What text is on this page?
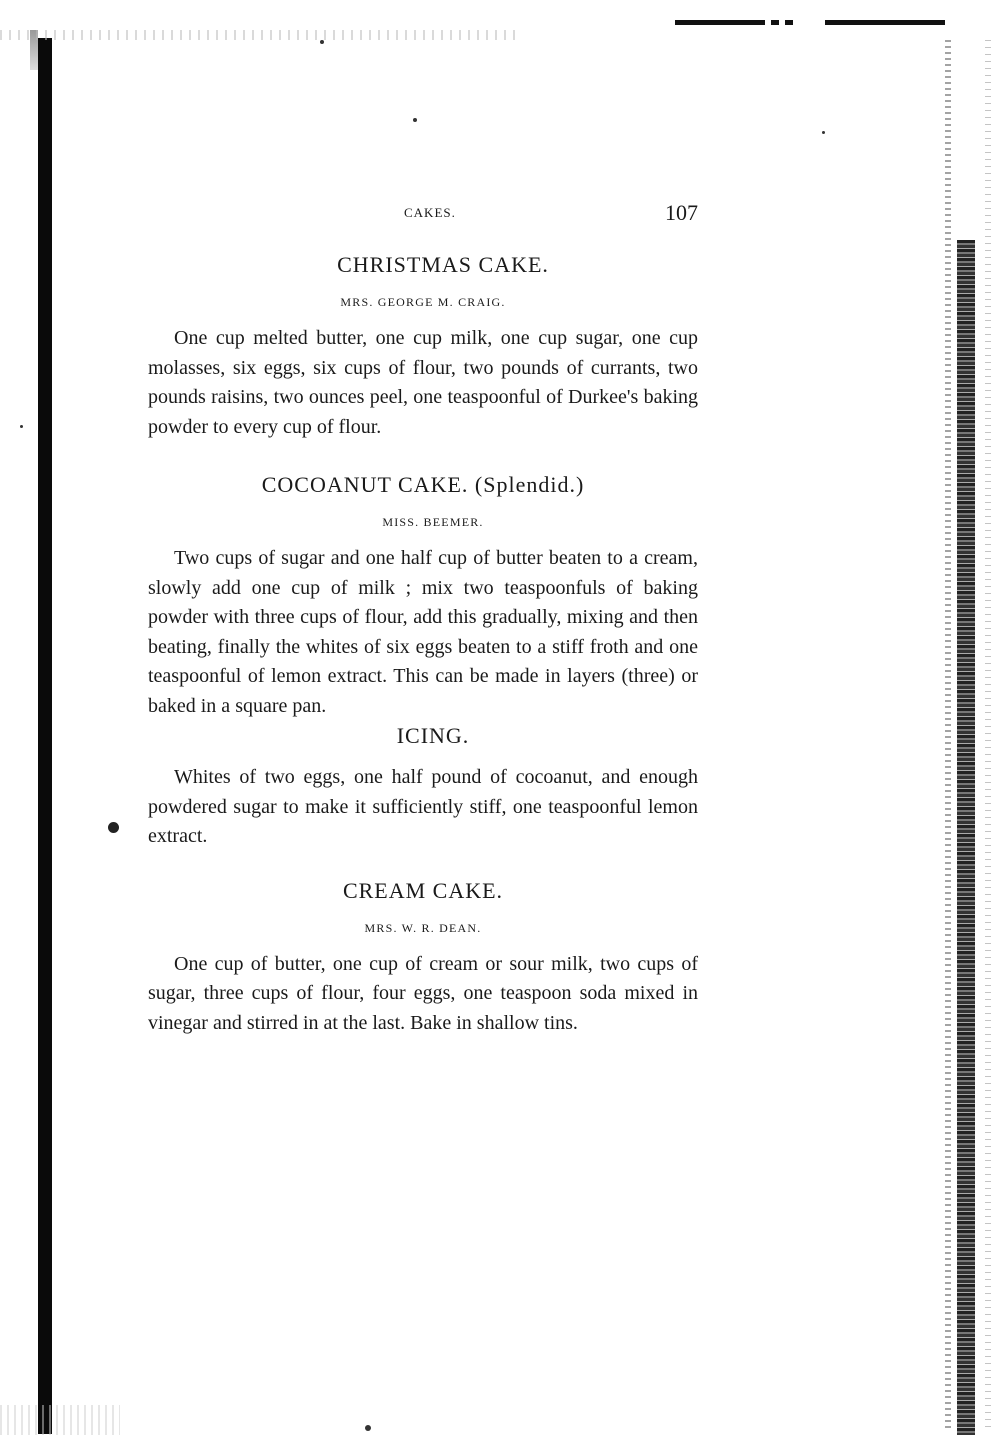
CAKES.	107

CHRISTMAS CAKE.

MRS. GEORGE M. CRAIG.

One cup melted butter, one cup milk, one cup sugar, one cup molasses, six eggs, six cups of flour, two pounds of currants, two pounds raisins, two ounces peel, one teaspoonful of Durkee's baking powder to every cup of flour.

COCOANUT CAKE. (Splendid.)

MISS. BEEMER.

Two cups of sugar and one half cup of butter beaten to a cream, slowly add one cup of milk ; mix two teaspoonfuls of baking powder with three cups of flour, add this gradually, mixing and then beating, finally the whites of six eggs beaten to a stiff froth and one teaspoonful of lemon extract. This can be made in layers (three) or baked in a square pan.

ICING.

Whites of two eggs, one half pound of cocoanut, and enough powdered sugar to make it sufficiently stiff, one teaspoonful lemon extract.

CREAM CAKE.

MRS. W. R. DEAN.

One cup of butter, one cup of cream or sour milk, two cups of sugar, three cups of flour, four eggs, one teaspoon soda mixed in vinegar and stirred in at the last. Bake in shallow tins.
